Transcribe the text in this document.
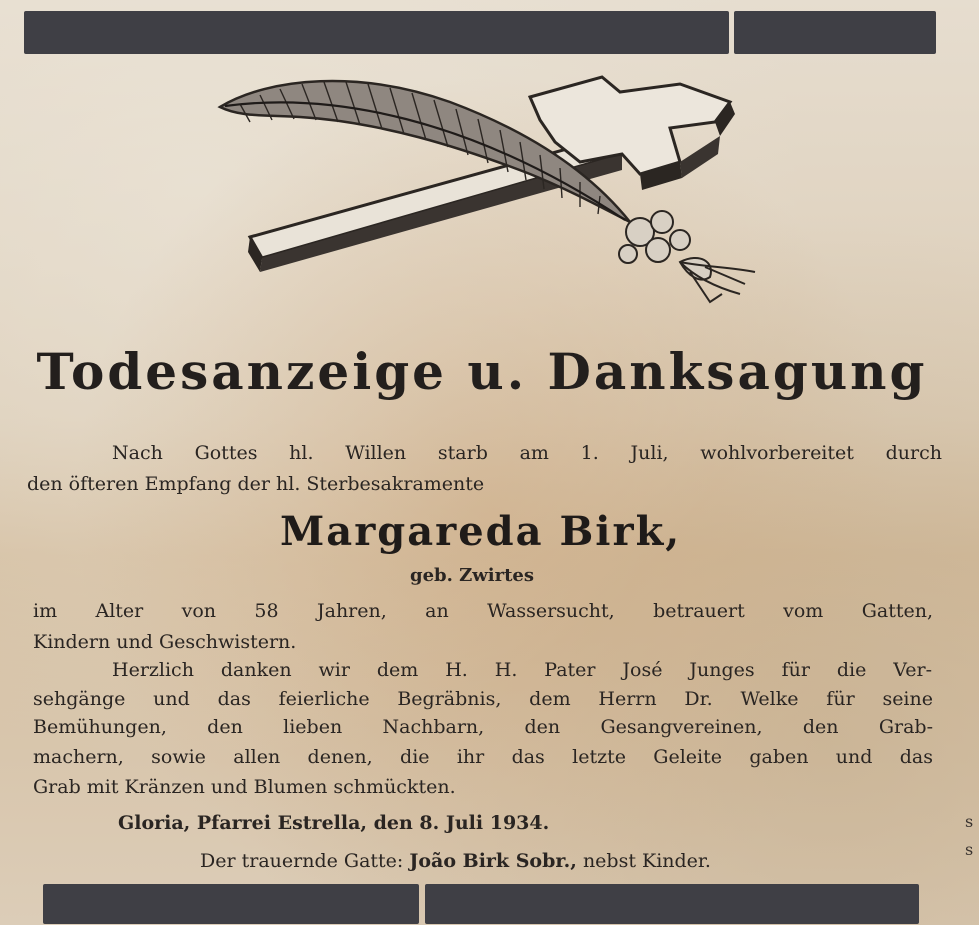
Todesanzeige u. Danksagung
Nach Gottes hl. Willen starb am 1. Juli, wohlvorbereitet durch
den öfteren Empfang der hl. Sterbesakramente
Margareda Birk,
geb. Zwirtes
im Alter von 58 Jahren, an Wassersucht, betrauert vom Gatten,
Kindern und Geschwistern.
Herzlich danken wir dem H. H. Pater José Junges für die Ver-
sehgänge und das feierliche Begräbnis, dem Herrn Dr. Welke für seine
Bemühungen, den lieben Nachbarn, den Gesangvereinen, den Grab-
machern, sowie allen denen, die ihr das letzte Geleite gaben und das
Grab mit Kränzen und Blumen schmückten.
Gloria, Pfarrei Estrella, den 8. Juli 1934.
Der trauernde Gatte: João Birk Sobr., nebst Kinder.
s
s
